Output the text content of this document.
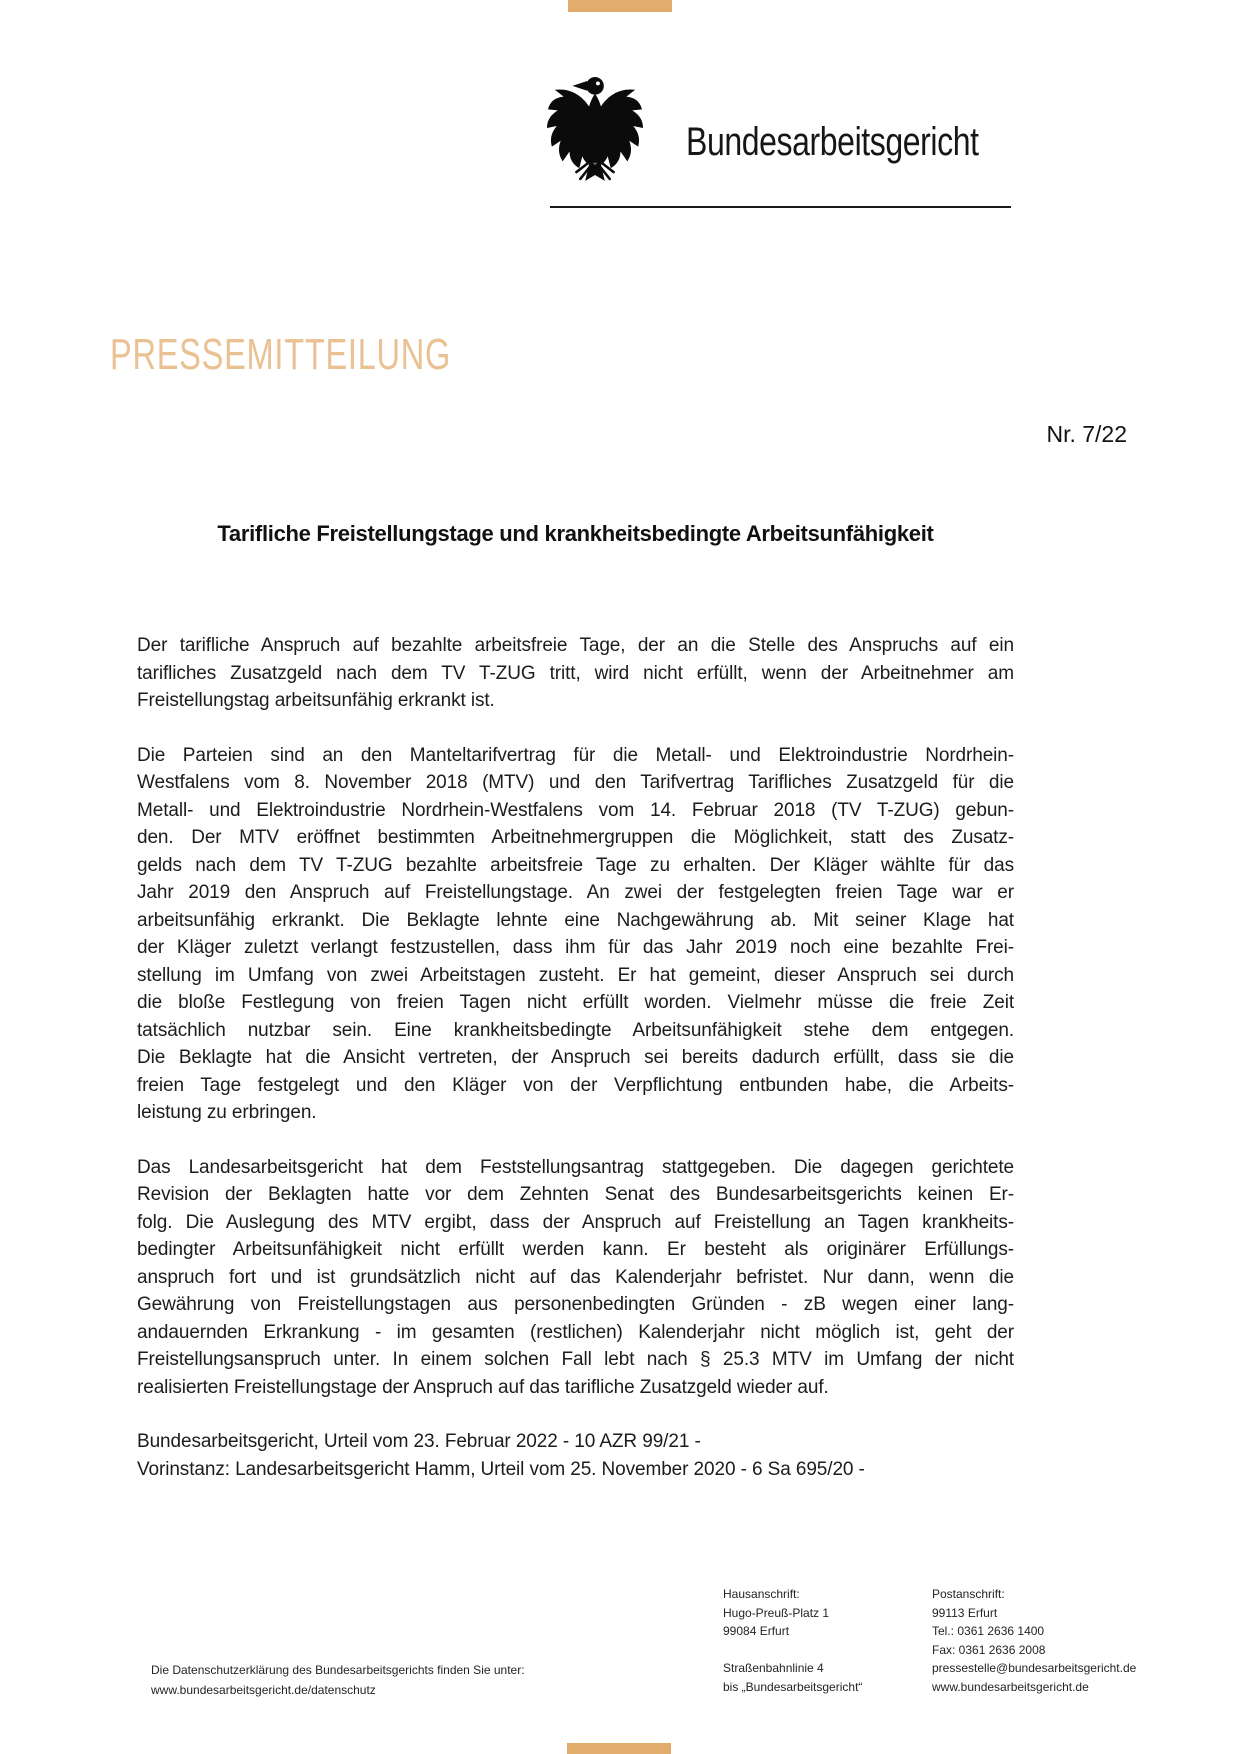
Bundesarbeitsgericht
PRESSEMITTEILUNG
Nr. 7/22
Tarifliche Freistellungstage und krankheitsbedingte Arbeitsunfähigkeit
Der tarifliche Anspruch auf bezahlte arbeitsfreie Tage, der an die Stelle des Anspruchs auf ein
tarifliches Zusatzgeld nach dem TV T-ZUG tritt, wird nicht erfüllt, wenn der Arbeitnehmer am
Freistellungstag arbeitsunfähig erkrankt ist.
Die Parteien sind an den Manteltarifvertrag für die Metall- und Elektroindustrie Nordrhein-
Westfalens vom 8. November 2018 (MTV) und den Tarifvertrag Tarifliches Zusatzgeld für die
Metall- und Elektroindustrie Nordrhein-Westfalens vom 14. Februar 2018 (TV T-ZUG) gebun-
den. Der MTV eröffnet bestimmten Arbeitnehmergruppen die Möglichkeit, statt des Zusatz-
gelds nach dem TV T-ZUG bezahlte arbeitsfreie Tage zu erhalten. Der Kläger wählte für das
Jahr 2019 den Anspruch auf Freistellungstage. An zwei der festgelegten freien Tage war er
arbeitsunfähig erkrankt. Die Beklagte lehnte eine Nachgewährung ab. Mit seiner Klage hat
der Kläger zuletzt verlangt festzustellen, dass ihm für das Jahr 2019 noch eine bezahlte Frei-
stellung im Umfang von zwei Arbeitstagen zusteht. Er hat gemeint, dieser Anspruch sei durch
die bloße Festlegung von freien Tagen nicht erfüllt worden. Vielmehr müsse die freie Zeit
tatsächlich nutzbar sein. Eine krankheitsbedingte Arbeitsunfähigkeit stehe dem entgegen.
Die Beklagte hat die Ansicht vertreten, der Anspruch sei bereits dadurch erfüllt, dass sie die
freien Tage festgelegt und den Kläger von der Verpflichtung entbunden habe, die Arbeits-
leistung zu erbringen.
Das Landesarbeitsgericht hat dem Feststellungsantrag stattgegeben. Die dagegen gerichtete
Revision der Beklagten hatte vor dem Zehnten Senat des Bundesarbeitsgerichts keinen Er-
folg. Die Auslegung des MTV ergibt, dass der Anspruch auf Freistellung an Tagen krankheits-
bedingter Arbeitsunfähigkeit nicht erfüllt werden kann. Er besteht als originärer Erfüllungs-
anspruch fort und ist grundsätzlich nicht auf das Kalenderjahr befristet. Nur dann, wenn die
Gewährung von Freistellungstagen aus personenbedingten Gründen - zB wegen einer lang-
andauernden Erkrankung - im gesamten (restlichen) Kalenderjahr nicht möglich ist, geht der
Freistellungsanspruch unter. In einem solchen Fall lebt nach § 25.3 MTV im Umfang der nicht
realisierten Freistellungstage der Anspruch auf das tarifliche Zusatzgeld wieder auf.
Bundesarbeitsgericht, Urteil vom 23. Februar 2022 - 10 AZR 99/21 -
Vorinstanz: Landesarbeitsgericht Hamm, Urteil vom 25. November 2020 - 6 Sa 695/20 -
Die Datenschutzerklärung des Bundesarbeitsgerichts finden Sie unter:
www.bundesarbeitsgericht.de/datenschutz
Hausanschrift:
Hugo-Preuß-Platz 1
99084 Erfurt
Straßenbahnlinie 4
bis „Bundesarbeitsgericht“
Postanschrift:
99113 Erfurt
Tel.: 0361 2636 1400
Fax: 0361 2636 2008
pressestelle@bundesarbeitsgericht.de
www.bundesarbeitsgericht.de
